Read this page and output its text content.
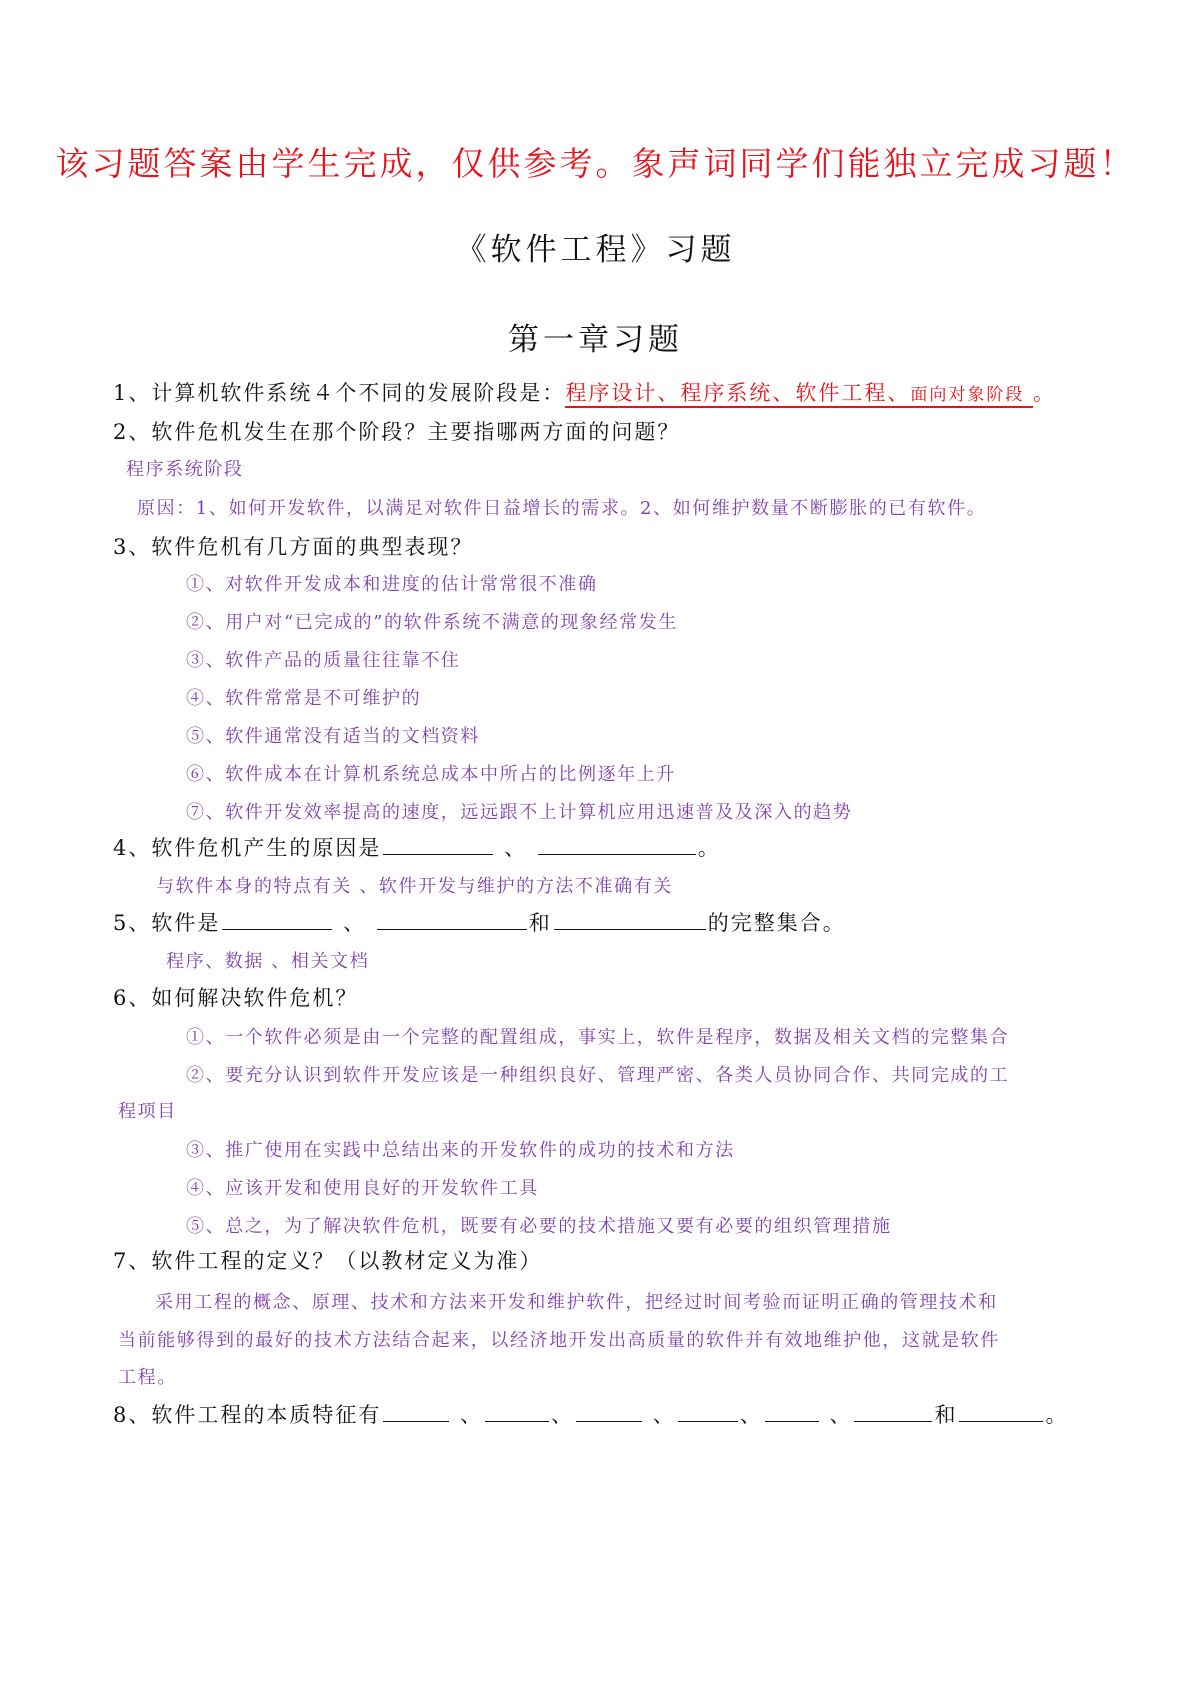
该习题答案由学生完成，仅供参考。象声词同学们能独立完成习题！
《软件工程》习题
第一章习题
1、计算机软件系统４个不同的发展阶段是：程序设计、程序系统、软件工程、面向对象阶段 。
2、软件危机发生在那个阶段？主要指哪两方面的问题？
程序系统阶段
原因：1、如何开发软件，以满足对软件日益增长的需求。2、如何维护数量不断膨胀的已有软件。
3、软件危机有几方面的典型表现？
①、对软件开发成本和进度的估计常常很不准确
②、用户对“已完成的”的软件系统不满意的现象经常发生
③、软件产品的质量往往靠不住
④、软件常常是不可维护的
⑤、软件通常没有适当的文档资料
⑥、软件成本在计算机系统总成本中所占的比例逐年上升
⑦、软件开发效率提高的速度，远远跟不上计算机应用迅速普及及深入的趋势
4、软件危机产生的原因是	、	。
与软件本身的特点有关 、软件开发与维护的方法不准确有关
5、软件是	、	和	的完整集合。
程序、数据 、相关文档
6、如何解决软件危机？
①、一个软件必须是由一个完整的配置组成，事实上，软件是程序，数据及相关文档的完整集合
②、要充分认识到软件开发应该是一种组织良好、管理严密、各类人员协同合作、共同完成的工
程项目
③、推广使用在实践中总结出来的开发软件的成功的技术和方法
④、应该开发和使用良好的开发软件工具
⑤、总之，为了解决软件危机，既要有必要的技术措施又要有必要的组织管理措施
7、软件工程的定义？（以教材定义为准）
采用工程的概念、原理、技术和方法来开发和维护软件，把经过时间考验而证明正确的管理技术和
当前能够得到的最好的技术方法结合起来，以经济地开发出高质量的软件并有效地维护他，这就是软件
工程。
8、软件工程的本质特征有	、	、	、	、	、	和	。
